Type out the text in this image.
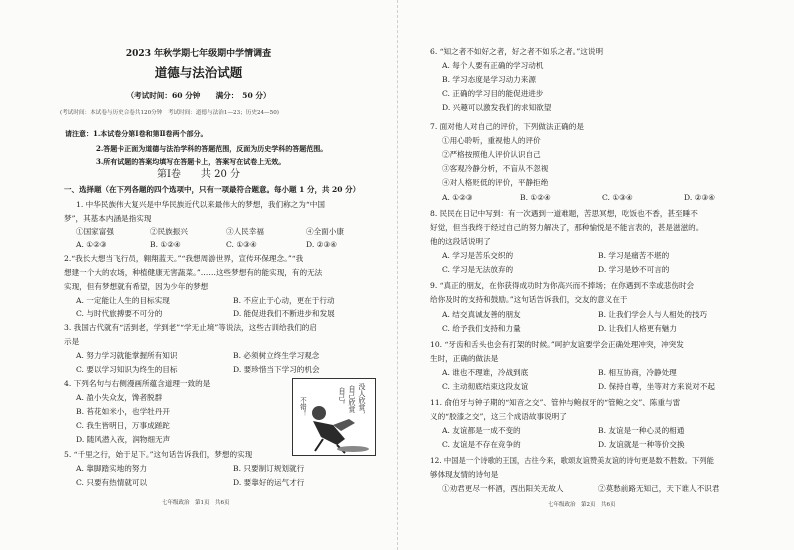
2023 年秋学期七年级期中学情调查
道德与法治试题
（考试时间：60 分钟　　满分：　50 分）
(考试时间：本试卷与历史合卷共120分钟　考试时间：道德与法治1—23；历史24—50)
请注意：1.本试卷分第Ⅰ卷和第Ⅱ卷两个部分。
2.答题卡正面为道德与法治学科的答题范围，反面为历史学科的答题范围。
3.所有试题的答案均填写在答题卡上，答案写在试卷上无效。
第Ⅰ卷　　共 20 分
一、选择题（在下列各题的四个选项中，只有一项最符合题意。每小题 1 分，共 20 分）
1. 中华民族伟大复兴是中华民族近代以来最伟大的梦想，我们称之为“中国
梦”，其基本内涵是指实现
①国家富强	②民族振兴	③人民幸福	④全面小康
A. ①②③	B. ①②④	C. ①③④	D. ②③④
2.“我长大想当飞行员，翱翔蓝天。”“我想周游世界，宣传环保理念。”“我
想建一个大的农场，种植健康无害蔬菜。”……这些梦想有的能实现，有的无法
实现，但有梦想就有希望，因为少年的梦想
A. 一定能让人生的目标实现	B. 不应止于心动，更在于行动
C. 与时代旅搏要不可分的	D. 能促进我们不断进步和发展
3. 我国古代就有“活到老，学到老”“学无止境”等说法，这些古训给我们的启
示是
A. 努力学习就能掌握所有知识	B. 必须树立终生学习观念
C. 要以学习知识为终生的目标	D. 要珍惜当下学习的机会
4. 下列名句与右侧漫画所蕴含道理一致的是
A. 盈小失众友，馋者脱群
B. 苔花如米小，也学牡丹开
C. 我生皆明日，万事成蹉跎
D. 随风潜入夜，润物细无声
没人欣赏，
自己欣赏
自己。
不错！
5. “千里之行，始于足下。”这句话告诉我们，梦想的实现
A. 靠脚踏实地的努力	B. 只要制订规划就行
C. 只要有热情就可以	D. 要靠好的运气才行
七年级政治　第1页　共6页
6. “知之者不如好之者，好之者不如乐之者。”这说明
A. 每个人要有正确的学习动机
B. 学习态度是学习动力来源
C. 正确的学习目的能促进进步
D. 兴趣可以激发我们的求知欲望
7. 面对他人对自己的评价，下列做法正确的是
①用心聆听，重视他人的评价
②严格按照他人评价认识自己
③客观冷静分析，不盲从不忽视
④对人格贬低的评价，平静拒绝
A. ①②③	B. ①②④	C. ①③④	D. ②③④
8. 民民在日记中写到：有一次遇到一道难题，苦思冥想，吃饭也不香，甚至睡不
好觉，但当我终于经过自己的努力解决了，那种愉悦是不能言表的，甚是滋滋的。
他的这段话说明了
A. 学习是苦乐交织的	B. 学习是痛苦不堪的
C. 学习是无法放弃的	D. 学习是妙不可言的
9. “真正的朋友，在你获得成功时为你高兴而不捧场；在你遇到不幸或悲伤时会
给你及时的支持和鼓励。”这句话告诉我们，交友的意义在于
A. 结交真诚友善的朋友	B. 让我们学会人与人相处的技巧
C. 给予我们支持和力量	D. 让我们人格更有魅力
10. “牙齿和舌头也会有打架的时候。”呵护友谊要学会正确处理冲突，冲突发
生时，正确的做法是
A. 谁也不理谁，冷战到底	B. 相互协商，冷静处理
C. 主动彻底结束这段友谊	D. 保持自尊，坐等对方来说对不起
11. 俞伯牙与钟子期的“知音之交”、管仲与鲍叔牙的“管鲍之交”、陈重与雷
义的“胶漆之交”，这三个成语故事说明了
A. 友谊都是一成不变的	B. 友谊是一种心灵的相通
C. 友谊是不存在竞争的	D. 友谊就是一种等价交换
12. 中国是一个诗歌的王国，古往今来，歌颂友谊赞美友谊的诗句更是数不胜数。下列能
够体现友情的诗句是
①劝君更尽一杯酒，西出阳关无故人	②莫愁前路无知己，天下谁人不识君
七年级政治　第2页　共6页
